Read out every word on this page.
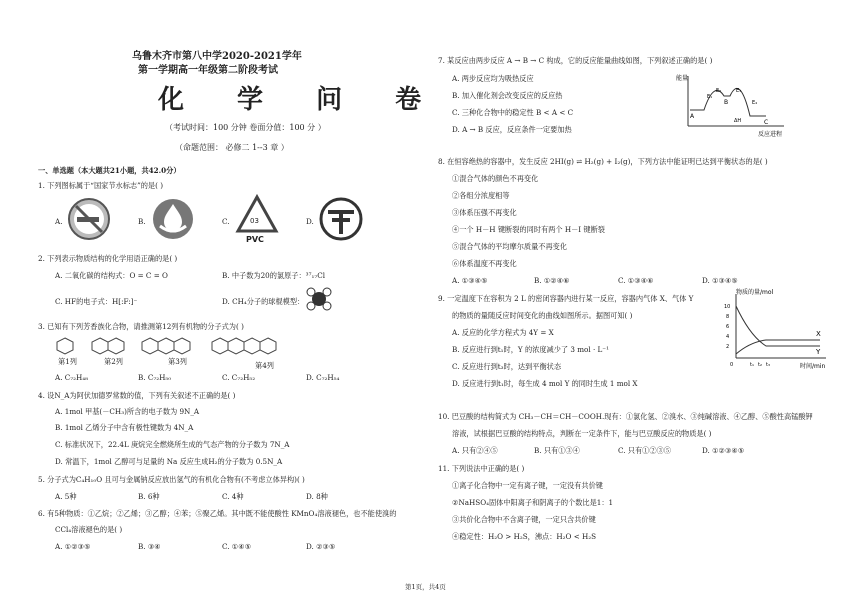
乌鲁木齐市第八中学2020-2021学年
第一学期高一年级第二阶段考试
化 学 问 卷
（考试时间：100 分钟 卷面分值：100 分 ）
（命题范围： 必修二 1--3 章 ）
一、单选题（本大题共21小题，共42.0分）
1. 下列图标属于“国家节水标志”的是( )
A.	B.	C.	03
PVC
D.
2. 下列表示物质结构的化学用语正确的是( )
A. 二氧化碳的结构式：O = C = O	B. 中子数为20的氯原子：³⁷₁₇Cl
C. HF的电子式：H[:F:]⁻	D. CH₄分子的球棍模型：
3. 已知有下列芳香族化合物，请推测第12列有机物的分子式为( )
第1列	第2列	第3列	第4列
A. C₇₂H₄₈	B. C₇₂H₅₀	C. C₇₂H₅₂	D. C₇₂H₅₄
4. 设N_A为阿伏加德罗常数的值，下列有关叙述不正确的是( )
A. 1mol 甲基(－CH₃)所含的电子数为 9N_A
B. 1mol 乙烯分子中含有极性键数为 4N_A
C. 标准状况下，22.4L 庚烷完全燃烧所生成的气态产物的分子数为 7N_A
D. 常温下，1mol 乙醇可与足量的 Na 反应生成H₂的分子数为 0.5N_A
5. 分子式为C₄H₁₀O 且可与金属钠反应放出氢气的有机化合物有(不考虑立体异构)( )
A. 5种	B. 6种	C. 4种	D. 8种
6. 有5种物质：①乙烷；②乙烯；③乙醇；④苯；⑤聚乙烯。其中既不能使酸性 KMnO₄溶液褪色，也不能使溴的
CCl₄溶液褪色的是( )
A. ①②③⑤	B. ③④	C. ①④⑤	D. ②③⑤
7. 某反应由两步反应 A → B → C 构成，它的反应能量曲线如图，下列叙述正确的是( )
A. 两步反应均为吸热反应
B. 加入催化剂会改变反应的反应热
C. 三种化合物中的稳定性 B < A < C
D. A → B 反应，反应条件一定要加热
能量
反应进程
A
B
C
E₁
E₂	E₃
E₄
ΔH
8. 在恒容绝热的容器中，发生反应 2HI(g) ⇌ H₂(g) + I₂(g)，下列方法中能证明已达到平衡状态的是( )
①混合气体的颜色不再变化
②各组分浓度相等
③体系压强不再变化
④一个 H－H 键断裂的同时有两个 H－I 键断裂
⑤混合气体的平均摩尔质量不再变化
⑥体系温度不再变化
A. ①③④⑤	B. ①②④⑥	C. ①③④⑥	D. ①③④⑤
9. 一定温度下在容积为 2 L 的密闭容器内进行某一反应，容器内气体 X、气体 Y
的物质的量随反应时间变化的曲线如图所示。据图可知( )
A. 反应的化学方程式为 4Y = X
B. 反应进行到t₁时，Y 的浓度减少了 3 mol · L⁻¹
C. 反应进行到t₃时，达到平衡状态
D. 反应进行到t₁时，每生成 4 mol Y 的同时生成 1 mol X
物质的量/mol
时间/min
10
8
6
4
2
0
X
Y
t₁ t₂ t₃
10. 巴豆酸的结构简式为 CH₃－CH＝CH－COOH.现有：①氯化氢、②溴水、③纯碱溶液、④乙醇、⑤酸性高锰酸钾
溶液，试根据巴豆酸的结构特点，判断在一定条件下，能与巴豆酸反应的物质是( )
A. 只有②④⑤	B. 只有①③④	C. 只有①②③⑤	D. ①②③④⑤
11. 下列说法中正确的是( )
①离子化合物中一定有离子键，一定没有共价键
②NaHSO₄固体中阳离子和阴离子的个数比是1：1
③共价化合物中不含离子键，一定只含共价键
④稳定性：H₂O > H₂S，沸点：H₂O < H₂S
第1页，共4页
